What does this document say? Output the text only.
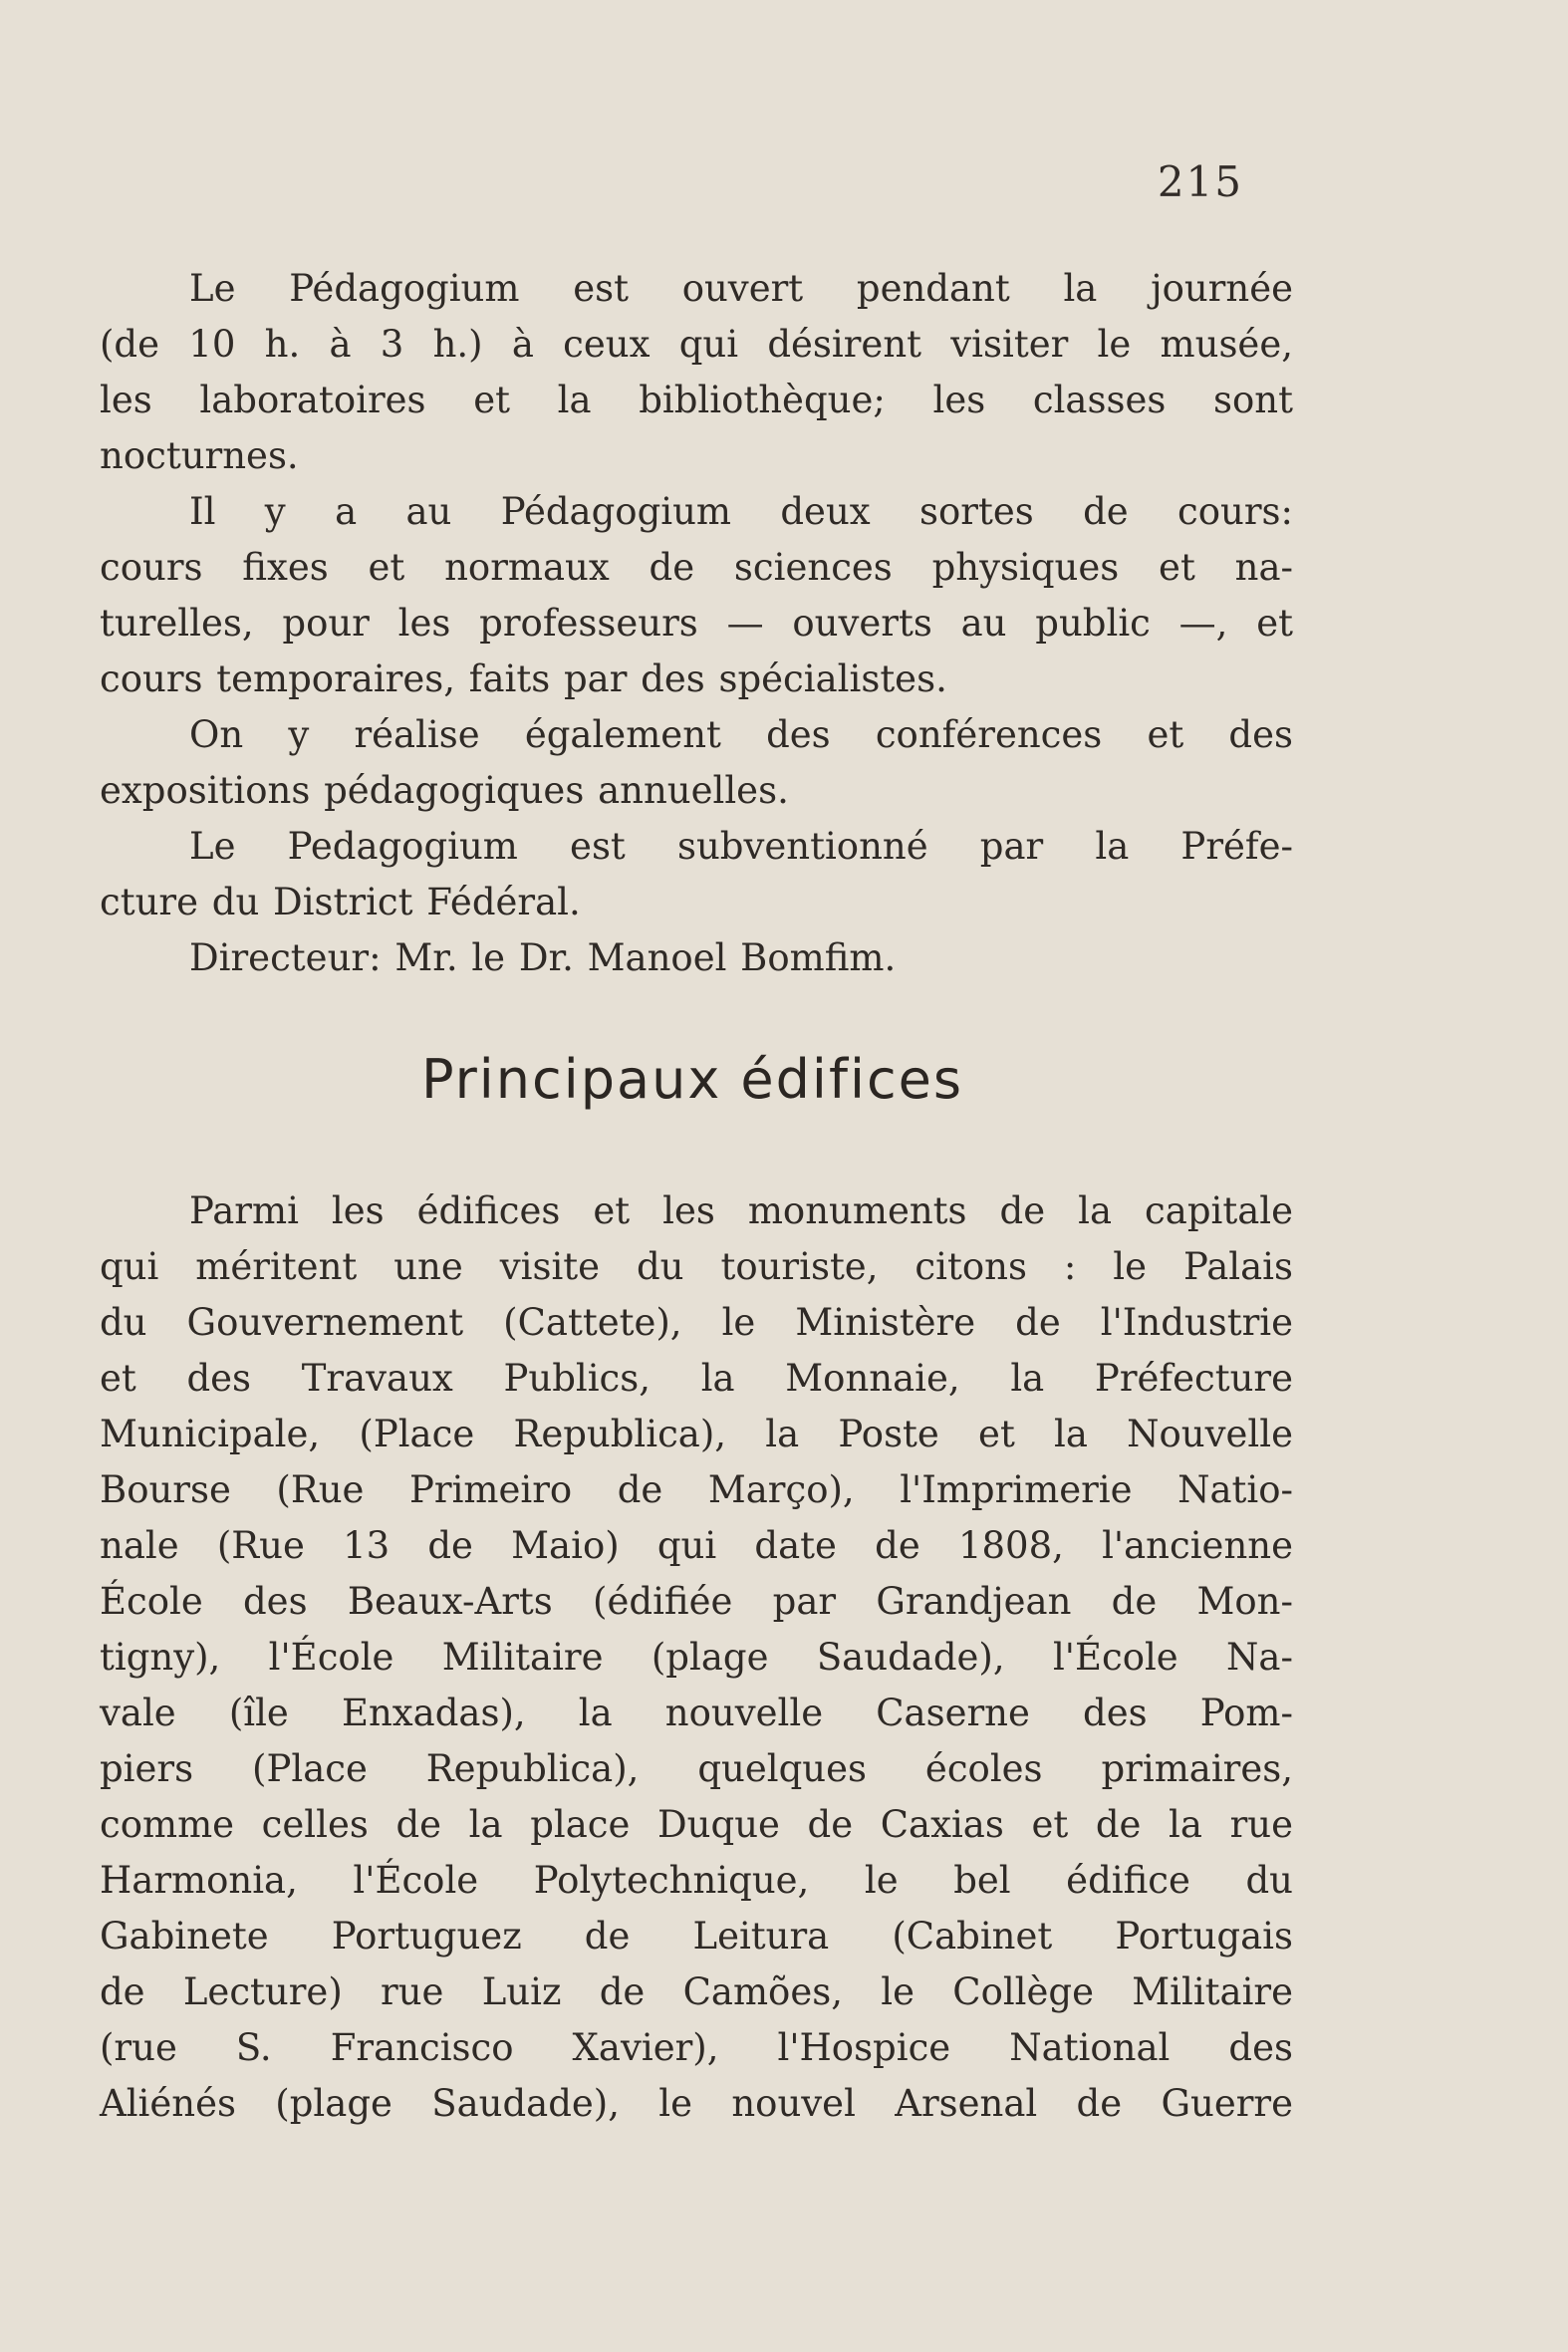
215

Le Pédagogium est ouvert pendant la journée
(de 10 h. à 3 h.) à ceux qui désirent visiter le musée,
les laboratoires et la bibliothèque; les classes sont
nocturnes.

Il y a au Pédagogium deux sortes de cours:
cours fixes et normaux de sciences physiques et na-
turelles, pour les professeurs — ouverts au public —, et
cours temporaires, faits par des spécialistes.

On y réalise également des conférences et des
expositions pédagogiques annuelles.

Le Pedagogium est subventionné par la Préfe-
cture du District Fédéral.

Directeur: Mr. le Dr. Manoel Bomfim.

Principaux édifices

Parmi les édifices et les monuments de la capitale
qui méritent une visite du touriste, citons : le Palais
du Gouvernement (Cattete), le Ministère de l'Industrie
et des Travaux Publics, la Monnaie, la Préfecture
Municipale, (Place Republica), la Poste et la Nouvelle
Bourse (Rue Primeiro de Março), l'Imprimerie Natio-
nale (Rue 13 de Maio) qui date de 1808, l'ancienne
École des Beaux-Arts (édifiée par Grandjean de Mon-
tigny), l'École Militaire (plage Saudade), l'École Na-
vale (île Enxadas), la nouvelle Caserne des Pom-
piers (Place Republica), quelques écoles primaires,
comme celles de la place Duque de Caxias et de la rue
Harmonia, l'École Polytechnique, le bel édifice du
Gabinete Portuguez de Leitura (Cabinet Portugais
de Lecture) rue Luiz de Camões, le Collège Militaire
(rue S. Francisco Xavier), l'Hospice National des
Aliénés (plage Saudade), le nouvel Arsenal de Guerre
